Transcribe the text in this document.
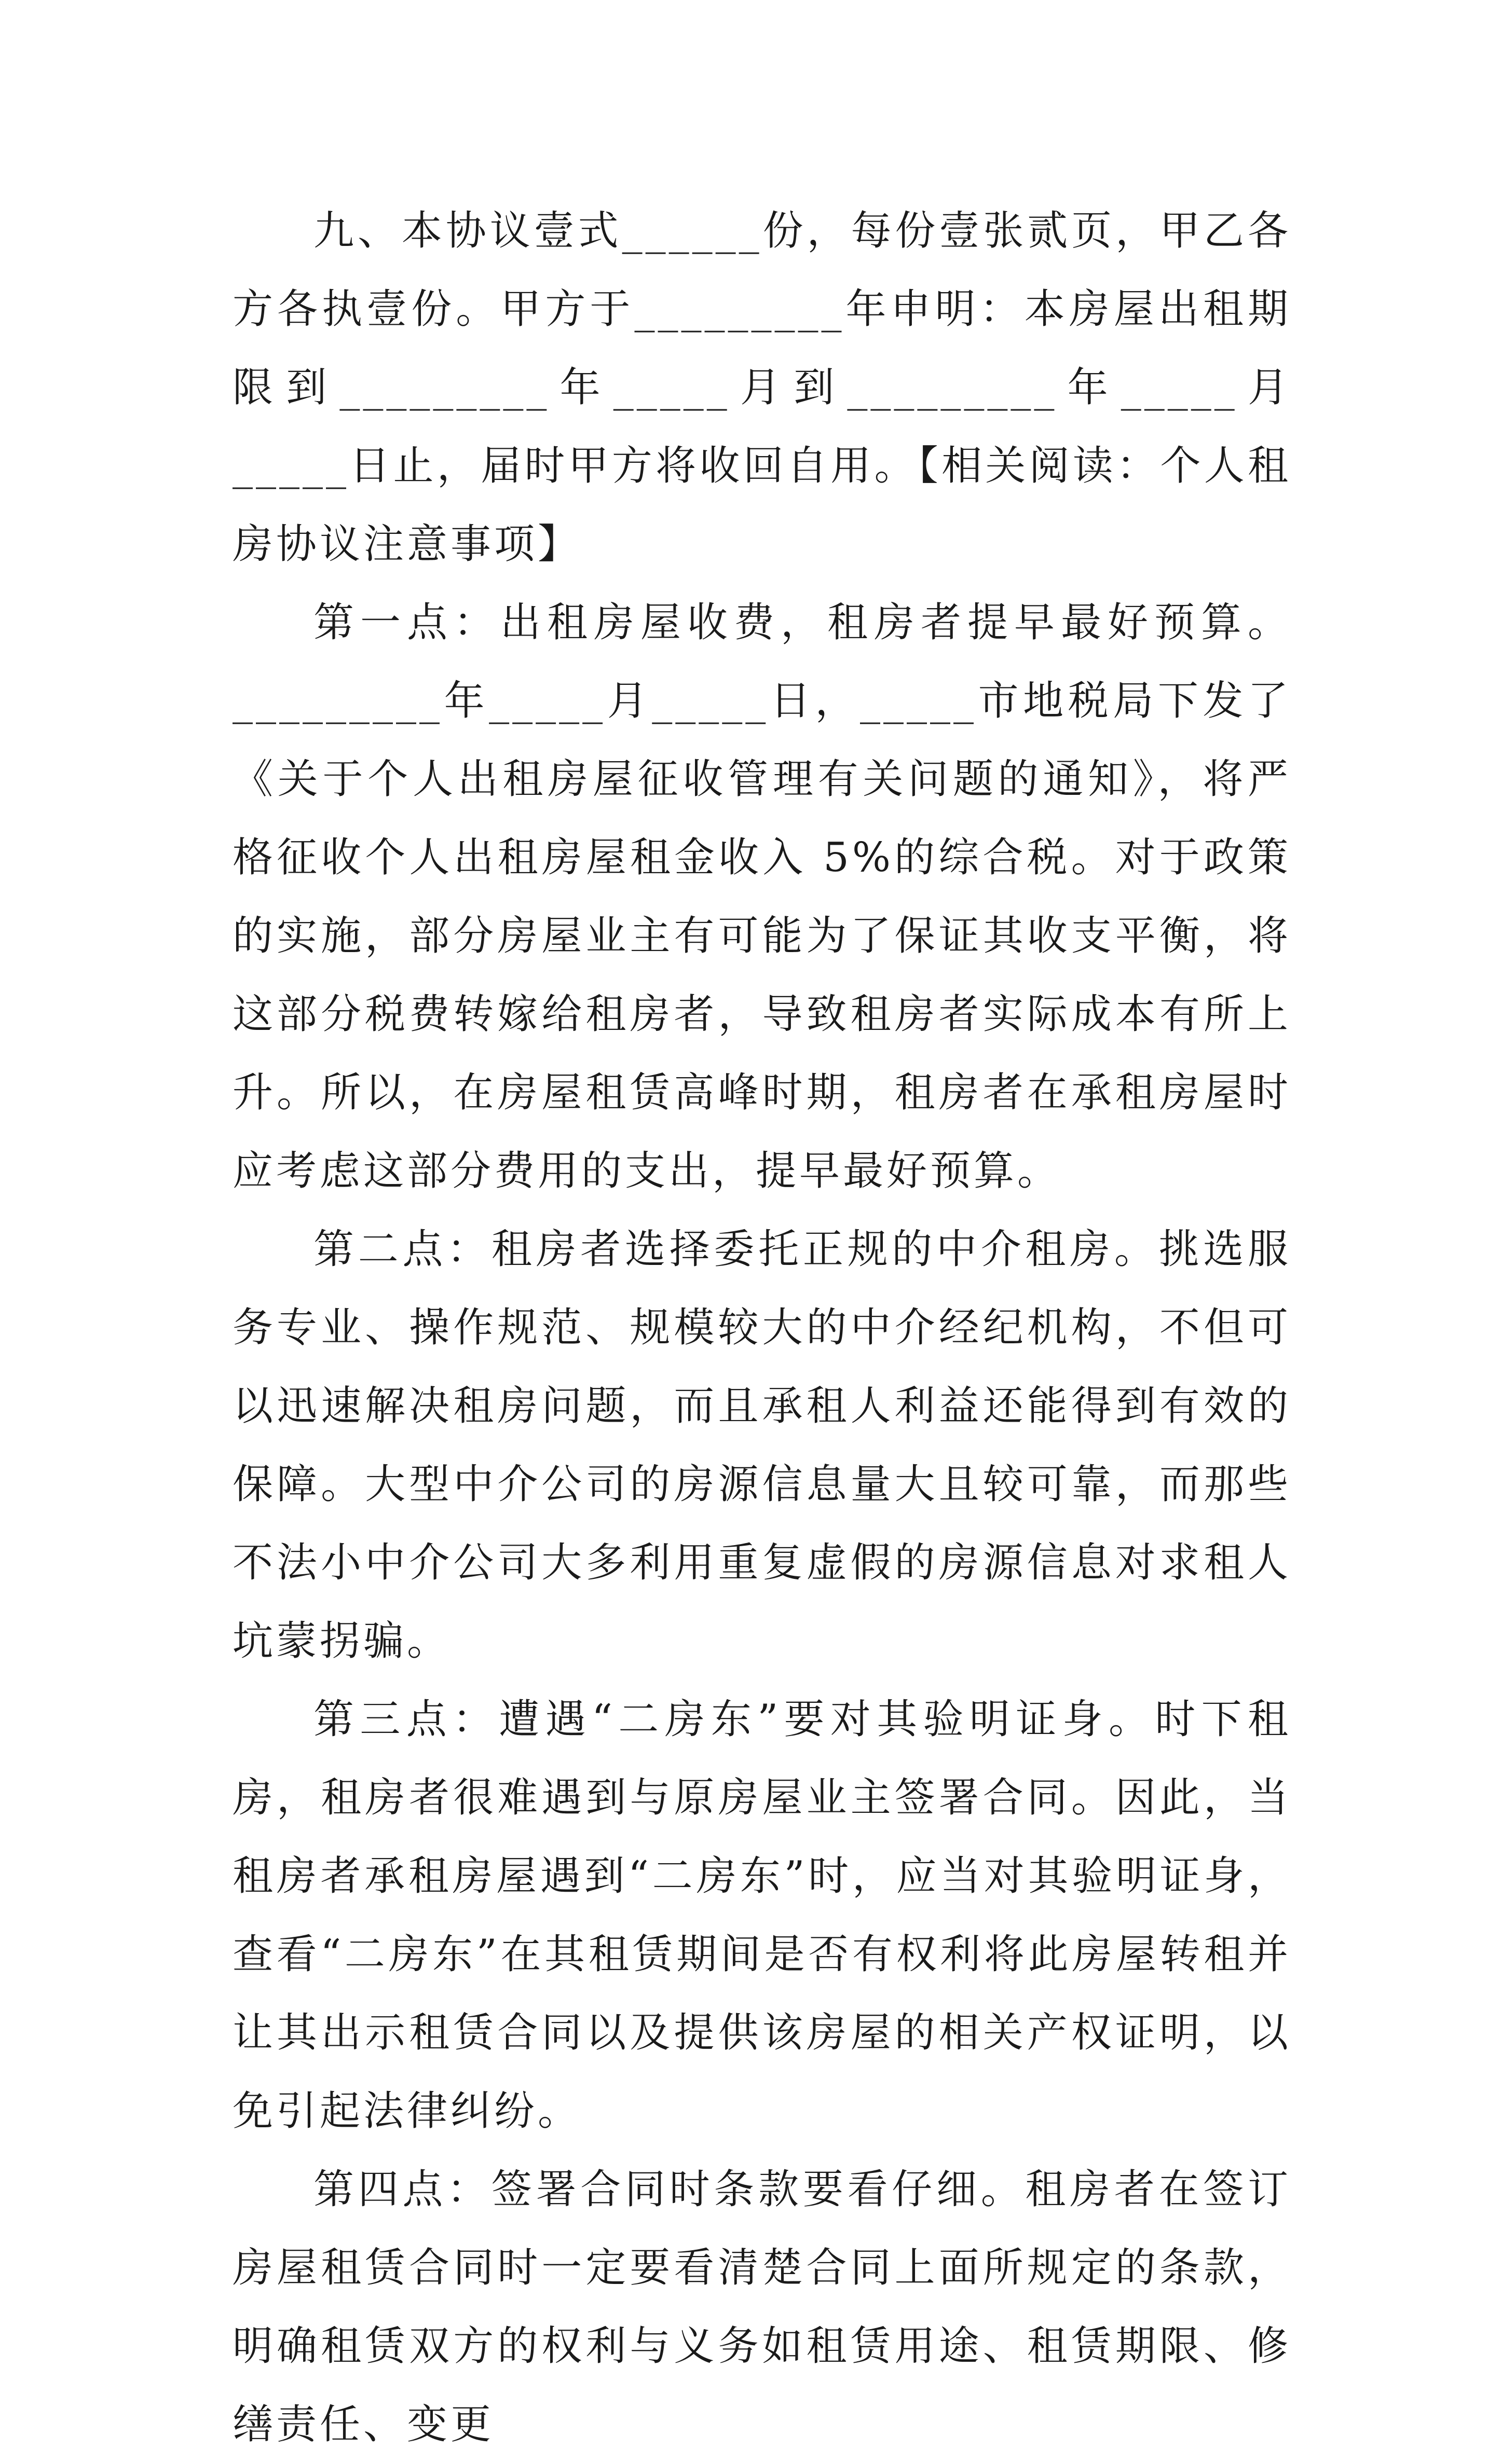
九、本协议壹式______份，每份壹张贰页，甲乙各方各执壹份。甲方于_________年申明：本房屋出租期限到_________年_____月到_________年_____月_____日止，届时甲方将收回自用。【相关阅读：个人租房协议注意事项】

第一点：出租房屋收费，租房者提早最好预算。_________年_____月_____日，_____市地税局下发了《关于个人出租房屋征收管理有关问题的通知》，将严格征收个人出租房屋租金收入 5%的综合税。对于政策的实施，部分房屋业主有可能为了保证其收支平衡，将这部分税费转嫁给租房者，导致租房者实际成本有所上升。所以，在房屋租赁高峰时期，租房者在承租房屋时应考虑这部分费用的支出，提早最好预算。

第二点：租房者选择委托正规的中介租房。挑选服务专业、操作规范、规模较大的中介经纪机构，不但可以迅速解决租房问题，而且承租人利益还能得到有效的保障。大型中介公司的房源信息量大且较可靠，而那些不法小中介公司大多利用重复虚假的房源信息对求租人坑蒙拐骗。

第三点：遭遇“二房东”要对其验明证身。时下租房，租房者很难遇到与原房屋业主签署合同。因此，当租房者承租房屋遇到“二房东”时，应当对其验明证身，查看“二房东”在其租赁期间是否有权利将此房屋转租并让其出示租赁合同以及提供该房屋的相关产权证明，以免引起法律纠纷。

第四点：签署合同时条款要看仔细。租房者在签订房屋租赁合同时一定要看清楚合同上面所规定的条款，明确租赁双方的权利与义务如租赁用途、租赁期限、修缮责任、变更
